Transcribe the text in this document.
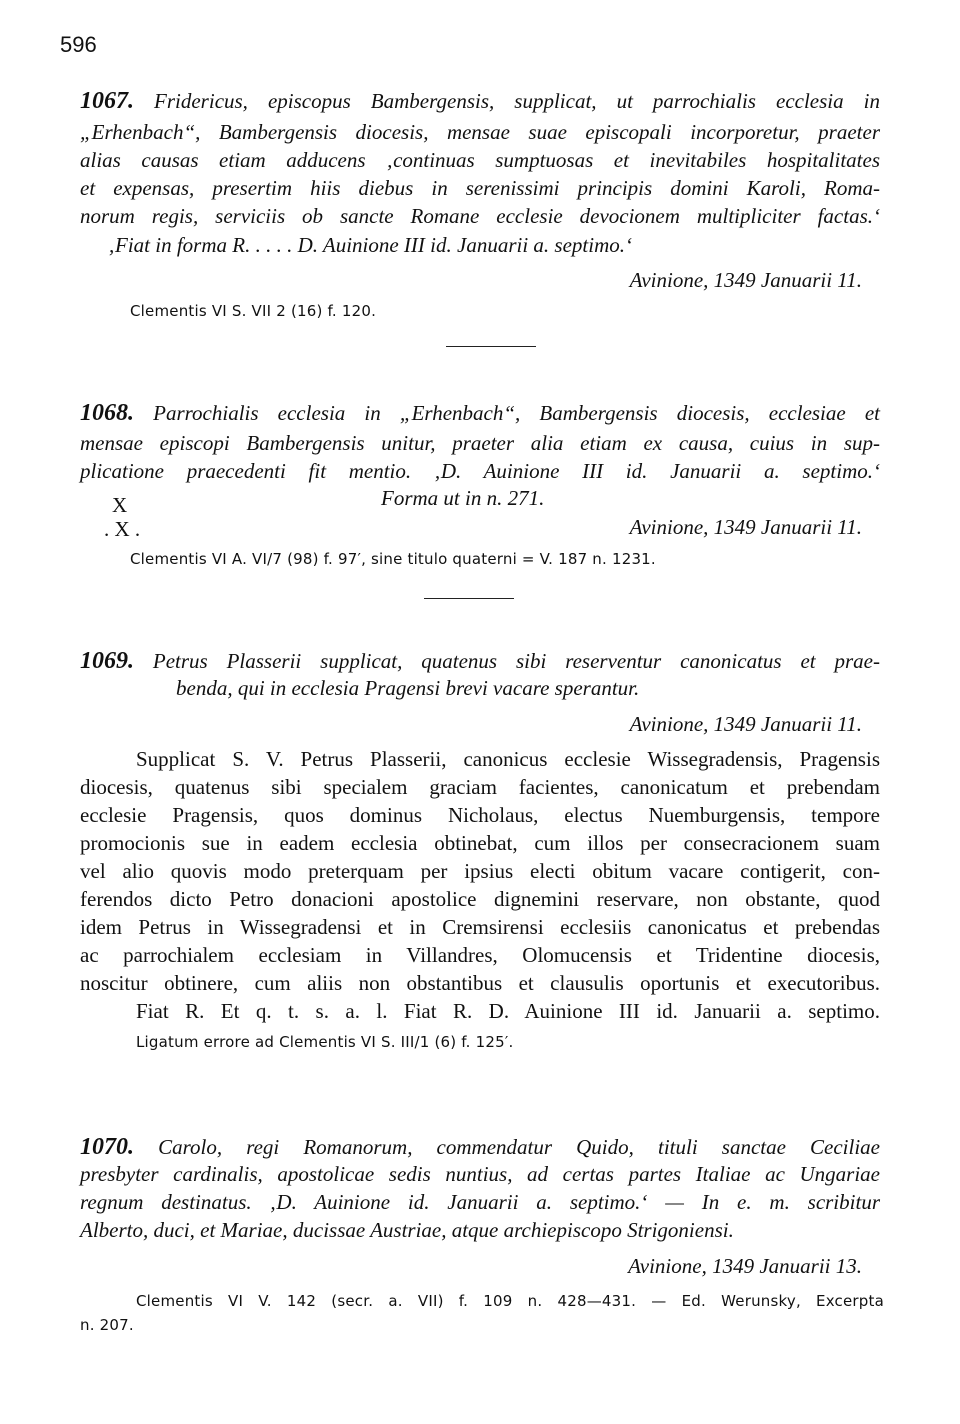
596
1067. Fridericus, episcopus Bambergensis, supplicat, ut parrochialis ecclesia in
„Erhenbach“, Bambergensis diocesis, mensae suae episcopali incorporetur, praeter
alias causas etiam adducens ‚continuas sumptuosas et inevitabiles hospitalitates
et expensas, presertim hiis diebus in serenissimi principis domini Karoli, Roma-
norum regis, serviciis ob sancte Romane ecclesie devocionem multipliciter factas.‘
‚Fiat in forma R. . . . . D. Auinione III id. Januarii a. septimo.‘
Avinione, 1349 Januarii 11.
Clementis VI S. VII 2 (16) f. 120.
1068. Parrochialis ecclesia in „Erhenbach“, Bambergensis diocesis, ecclesiae et
mensae episcopi Bambergensis unitur, praeter alia etiam ex causa, cuius in sup-
plicatione praecedenti fit mentio. ‚D. Auinione III id. Januarii a. septimo.‘
X	Forma ut in n. 271.
. X .	Avinione, 1349 Januarii 11.
Clementis VI A. VI/7 (98) f. 97′, sine titulo quaterni = V. 187 n. 1231.
1069. Petrus Plasserii supplicat, quatenus sibi reserventur canonicatus et prae-
benda, qui in ecclesia Pragensi brevi vacare sperantur.
Avinione, 1349 Januarii 11.
Supplicat S. V. Petrus Plasserii, canonicus ecclesie Wissegradensis, Pragensis
diocesis, quatenus sibi specialem graciam facientes, canonicatum et prebendam
ecclesie Pragensis, quos dominus Nicholaus, electus Nuemburgensis, tempore
promocionis sue in eadem ecclesia obtinebat, cum illos per consecracionem suam
vel alio quovis modo preterquam per ipsius electi obitum vacare contigerit, con-
ferendos dicto Petro donacioni apostolice dignemini reservare, non obstante, quod
idem Petrus in Wissegradensi et in Cremsirensi ecclesiis canonicatus et prebendas
ac parrochialem ecclesiam in Villandres, Olomucensis et Tridentine diocesis,
noscitur obtinere, cum aliis non obstantibus et clausulis oportunis et executoribus.
Fiat R. Et q. t. s. a. l. Fiat R. D. Auinione III id. Januarii a. septimo.
Ligatum errore ad Clementis VI S. III/1 (6) f. 125′.
1070. Carolo, regi Romanorum, commendatur Quido, tituli sanctae Ceciliae
presbyter cardinalis, apostolicae sedis nuntius, ad certas partes Italiae ac Ungariae
regnum destinatus. ‚D. Auinione id. Januarii a. septimo.‘ — In e. m. scribitur
Alberto, duci, et Mariae, ducissae Austriae, atque archiepiscopo Strigoniensi.
Avinione, 1349 Januarii 13.
Clementis VI V. 142 (secr. a. VII) f. 109 n. 428—431. — Ed. Werunsky, Excerpta
n. 207.
